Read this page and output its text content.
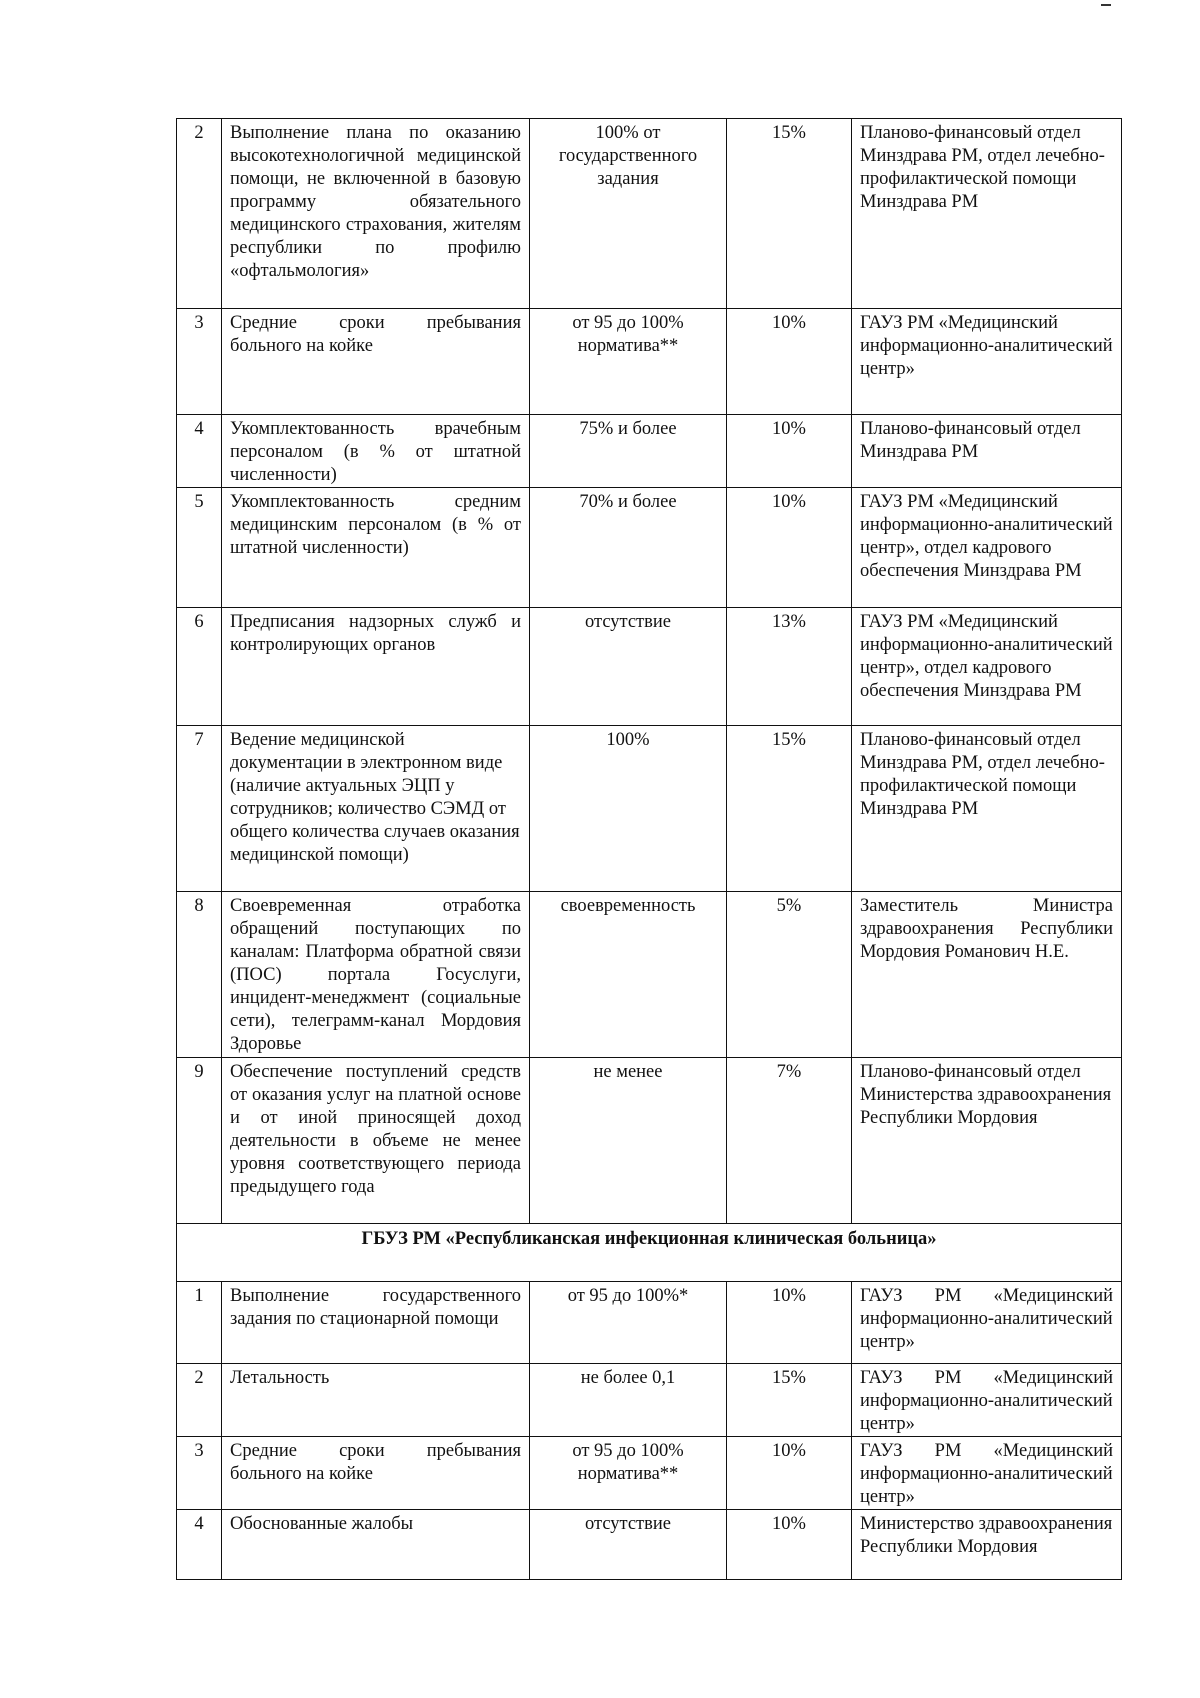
2	Выполнение плана по оказанию высокотехнологичной медицинской помощи, не включенной в базовую программу обязательного медицинского страхования, жителям республики по профилю «офтальмология»	100% от государственного задания	15%	Планово-финансовый отдел Минздрава РМ, отдел лечебно-профилактической помощи Минздрава РМ
3	Средние сроки пребывания больного на койке	от 95 до 100% норматива**	10%	ГАУЗ РМ «Медицинский информационно-аналитический центр»
4	Укомплектованность врачебным персоналом (в % от штатной численности)	75% и более	10%	Планово-финансовый отдел Минздрава РМ
5	Укомплектованность средним медицинским персоналом (в % от штатной численности)	70% и более	10%	ГАУЗ РМ «Медицинский информационно-аналитический центр», отдел кадрового обеспечения Минздрава РМ
6	Предписания надзорных служб и контролирующих органов	отсутствие	13%	ГАУЗ РМ «Медицинский информационно-аналитический центр», отдел кадрового обеспечения Минздрава РМ
7	Ведение медицинской документации в электронном виде (наличие актуальных ЭЦП у сотрудников; количество СЭМД от общего количества случаев оказания медицинской помощи)	100%	15%	Планово-финансовый отдел Минздрава РМ, отдел лечебно-профилактической помощи Минздрава РМ
8	Своевременная отработка обращений поступающих по каналам: Платформа обратной связи (ПОС) портала Госуслуги, инцидент-менеджмент (социальные сети), телеграмм-канал Мордовия Здоровье	своевременность	5%	Заместитель Министра здравоохранения Республики Мордовия Романович Н.Е.
9	Обеспечение поступлений средств от оказания услуг на платной основе и от иной приносящей доход деятельности в объеме не менее уровня соответствующего периода предыдущего года	не менее	7%	Планово-финансовый отдел Министерства здравоохранения Республики Мордовия
ГБУЗ РМ «Республиканская инфекционная клиническая больница»				
1	Выполнение государственного задания по стационарной помощи	от 95 до 100%*	10%	ГАУЗ РМ «Медицинский информационно-аналитический центр»
2	Летальность	не более 0,1	15%	ГАУЗ РМ «Медицинский информационно-аналитический центр»
3	Средние сроки пребывания больного на койке	от 95 до 100% норматива**	10%	ГАУЗ РМ «Медицинский информационно-аналитический центр»
4	Обоснованные жалобы	отсутствие	10%	Министерство здравоохранения Республики Мордовия
